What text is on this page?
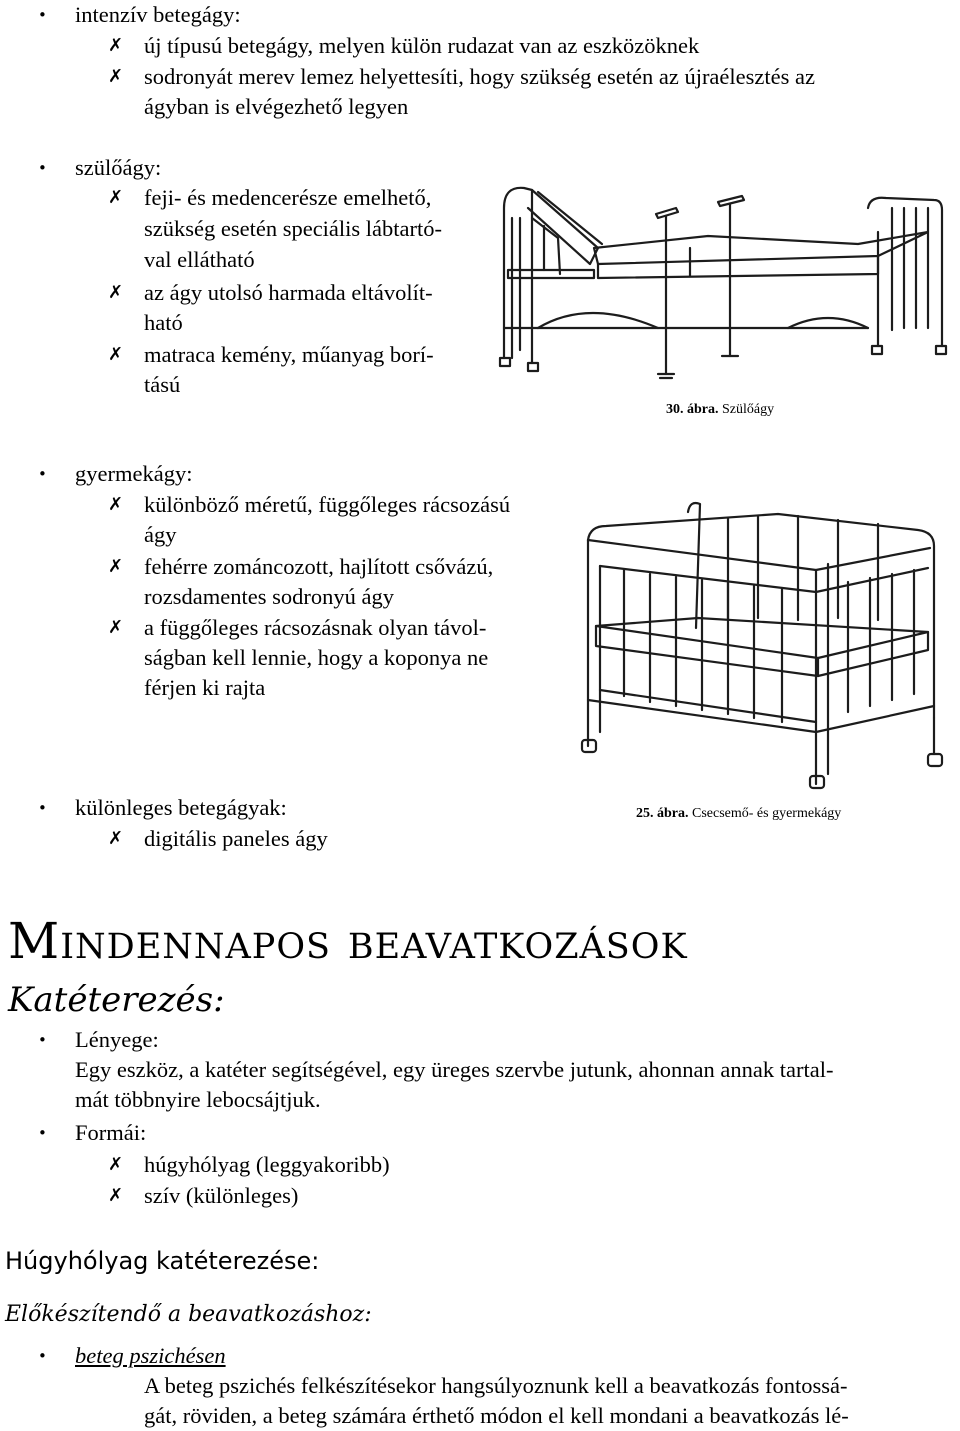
• intenzív betegágy:
✗ új típusú betegágy, melyen külön rudazat van az eszközöknek
✗ sodronyát merev lemez helyettesíti, hogy szükség esetén az újraélesztés az
ágyban is elvégezhető legyen
• szülőágy:
✗ feji- és medencerésze emelhető,
szükség esetén speciális lábtartó-
val ellátható
✗ az ágy utolsó harmada eltávolít-
ható
✗ matraca kemény, műanyag borí-
tású
30. ábra. Szülőágy
• gyermekágy:
✗ különböző méretű, függőleges rácsozású
ágy
✗ fehérre zománcozott, hajlított csővázú,
rozsdamentes sodronyú ágy
✗ a függőleges rácsozásnak olyan távol-
ságban kell lennie, hogy a koponya ne
férjen ki rajta
25. ábra. Csecsemő- és gyermekágy
• különleges betegágyak:
✗ digitális paneles ágy
Mindennapos beavatkozások
Katéterezés:
• Lényege:
Egy eszköz, a katéter segítségével, egy üreges szervbe jutunk, ahonnan annak tartal-
mát többnyire lebocsájtjuk.
• Formái:
✗ húgyhólyag (leggyakoribb)
✗ szív (különleges)
Húgyhólyag katéterezése:
Előkészítendő a beavatkozáshoz:
• beteg pszichésen
A beteg pszichés felkészítésekor hangsúlyoznunk kell a beavatkozás fontossá-
gát, röviden, a beteg számára érthető módon el kell mondani a beavatkozás lé-
